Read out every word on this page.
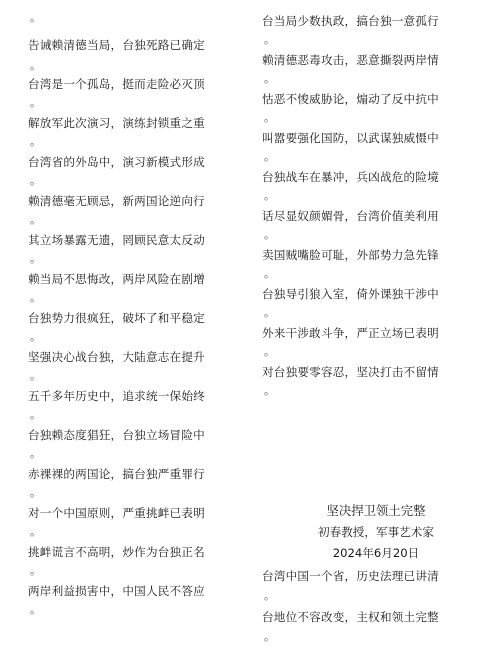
。
告诫赖清德当局，台独死路已确定
。
台湾是一个孤岛，挺而走险必灭顶
。
解放军此次演习，演练封锁重之重
。
台湾省的外岛中，演习新模式形成
。
赖清德毫无顾忌，新两国论逆向行
。
其立场暴露无遗，罔顾民意太反动
。
赖当局不思悔改，两岸风险在剧增
。
台独势力很疯狂，破坏了和平稳定
。
坚强决心战台独，大陆意志在提升
。
五千多年历史中，追求统一保始终
。
台独赖态度猖狂，台独立场冒险中
。
赤裸裸的两国论，搞台独严重罪行
。
对一个中国原则，严重挑衅已表明
。
挑衅谎言不高明，炒作为台独正名
。
两岸利益损害中，中国人民不答应
。
台当局少数执政，搞台独一意孤行
。
赖清德恶毒攻击，恶意撕裂两岸情
。
怙恶不悛威胁论，煽动了反中抗中
。
叫嚣要强化国防，以武谋独威慑中
。
台独战车在暴冲，兵凶战危的险境
。
话尽显奴颜媚骨，台湾价值美利用
。
卖国贼嘴脸可耻，外部势力急先锋
。
台独导引狼入室，倚外课独干涉中
。
外来干涉敢斗争，严正立场已表明
。
对台独要零容忍，坚决打击不留情
。
坚决捍卫领土完整
初春教授，军事艺术家
2024年6月20日
台湾中国一个省，历史法理已讲清
。
台地位不容改变，主权和领土完整
。
